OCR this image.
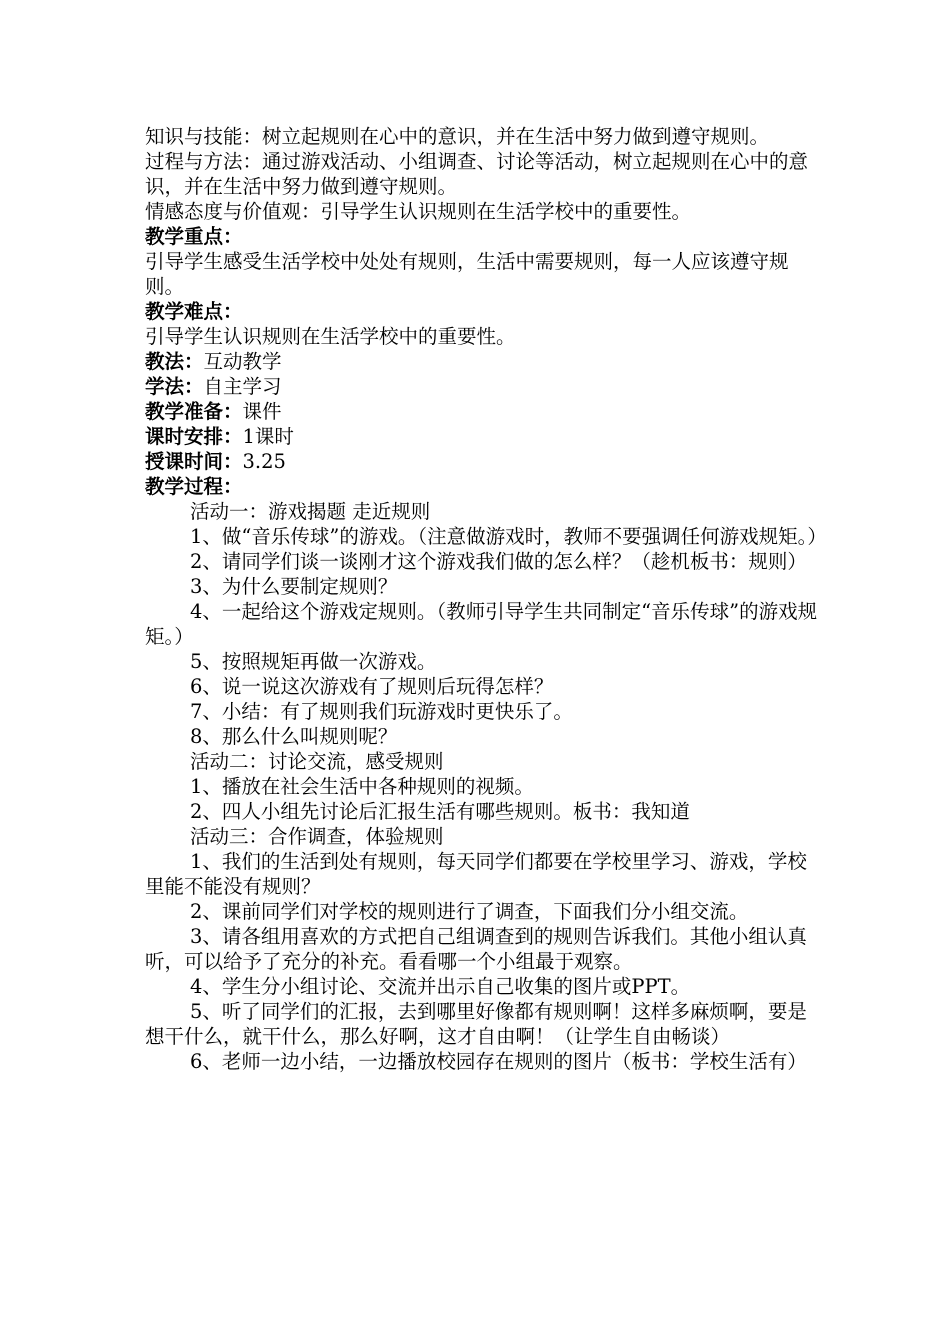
知识与技能：树立起规则在心中的意识，并在生活中努力做到遵守规则。

过程与方法：通过游戏活动、小组调查、讨论等活动，树立起规则在心中的意识，并在生活中努力做到遵守规则。

情感态度与价值观：引导学生认识规则在生活学校中的重要性。

教学重点：

引导学生感受生活学校中处处有规则，生活中需要规则，每一人应该遵守规则。

教学难点：

引导学生认识规则在生活学校中的重要性。

教法：互动教学

学法：自主学习

教学准备：课件

课时安排：1课时

授课时间：3.25

教学过程：

活动一：游戏揭题 走近规则

1、做“音乐传球”的游戏。（注意做游戏时，教师不要强调任何游戏规矩。）

2、请同学们谈一谈刚才这个游戏我们做的怎么样？（趁机板书：规则）

3、为什么要制定规则？

4、一起给这个游戏定规则。（教师引导学生共同制定“音乐传球”的游戏规矩。）

5、按照规矩再做一次游戏。

6、说一说这次游戏有了规则后玩得怎样？

7、小结：有了规则我们玩游戏时更快乐了。

8、那么什么叫规则呢？

活动二：讨论交流，感受规则

1、播放在社会生活中各种规则的视频。

2、四人小组先讨论后汇报生活有哪些规则。板书：我知道

活动三：合作调查，体验规则

1、我们的生活到处有规则，每天同学们都要在学校里学习、游戏，学校里能不能没有规则？

2、课前同学们对学校的规则进行了调查，下面我们分小组交流。

3、请各组用喜欢的方式把自己组调查到的规则告诉我们。其他小组认真听，可以给予了充分的补充。看看哪一个小组最于观察。

4、学生分小组讨论、交流并出示自己收集的图片或PPT。

5、听了同学们的汇报，去到哪里好像都有规则啊！这样多麻烦啊，要是想干什么，就干什么，那么好啊，这才自由啊！（让学生自由畅谈）

6、老师一边小结，一边播放校园存在规则的图片（板书：学校生活有）
